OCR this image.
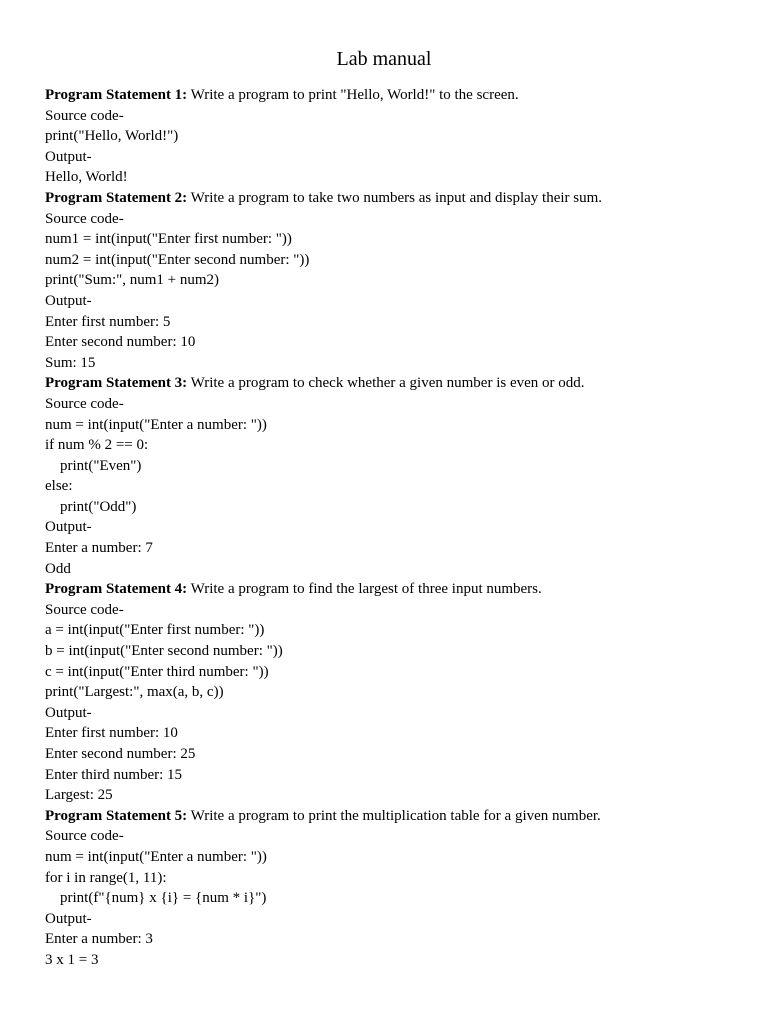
Lab manual
Program Statement 1: Write a program to print "Hello, World!" to the screen.
Source code-
print("Hello, World!")
Output-
Hello, World!
Program Statement 2: Write a program to take two numbers as input and display their sum.
Source code-
num1 = int(input("Enter first number: "))
num2 = int(input("Enter second number: "))
print("Sum:", num1 + num2)
Output-
Enter first number: 5
Enter second number: 10
Sum: 15
Program Statement 3: Write a program to check whether a given number is even or odd.
Source code-
num = int(input("Enter a number: "))
if num % 2 == 0:
print("Even")
else:
print("Odd")
Output-
Enter a number: 7
Odd
Program Statement 4: Write a program to find the largest of three input numbers.
Source code-
a = int(input("Enter first number: "))
b = int(input("Enter second number: "))
c = int(input("Enter third number: "))
print("Largest:", max(a, b, c))
Output-
Enter first number: 10
Enter second number: 25
Enter third number: 15
Largest: 25
Program Statement 5: Write a program to print the multiplication table for a given number.
Source code-
num = int(input("Enter a number: "))
for i in range(1, 11):
print(f"{num} x {i} = {num * i}")
Output-
Enter a number: 3
3 x 1 = 3
